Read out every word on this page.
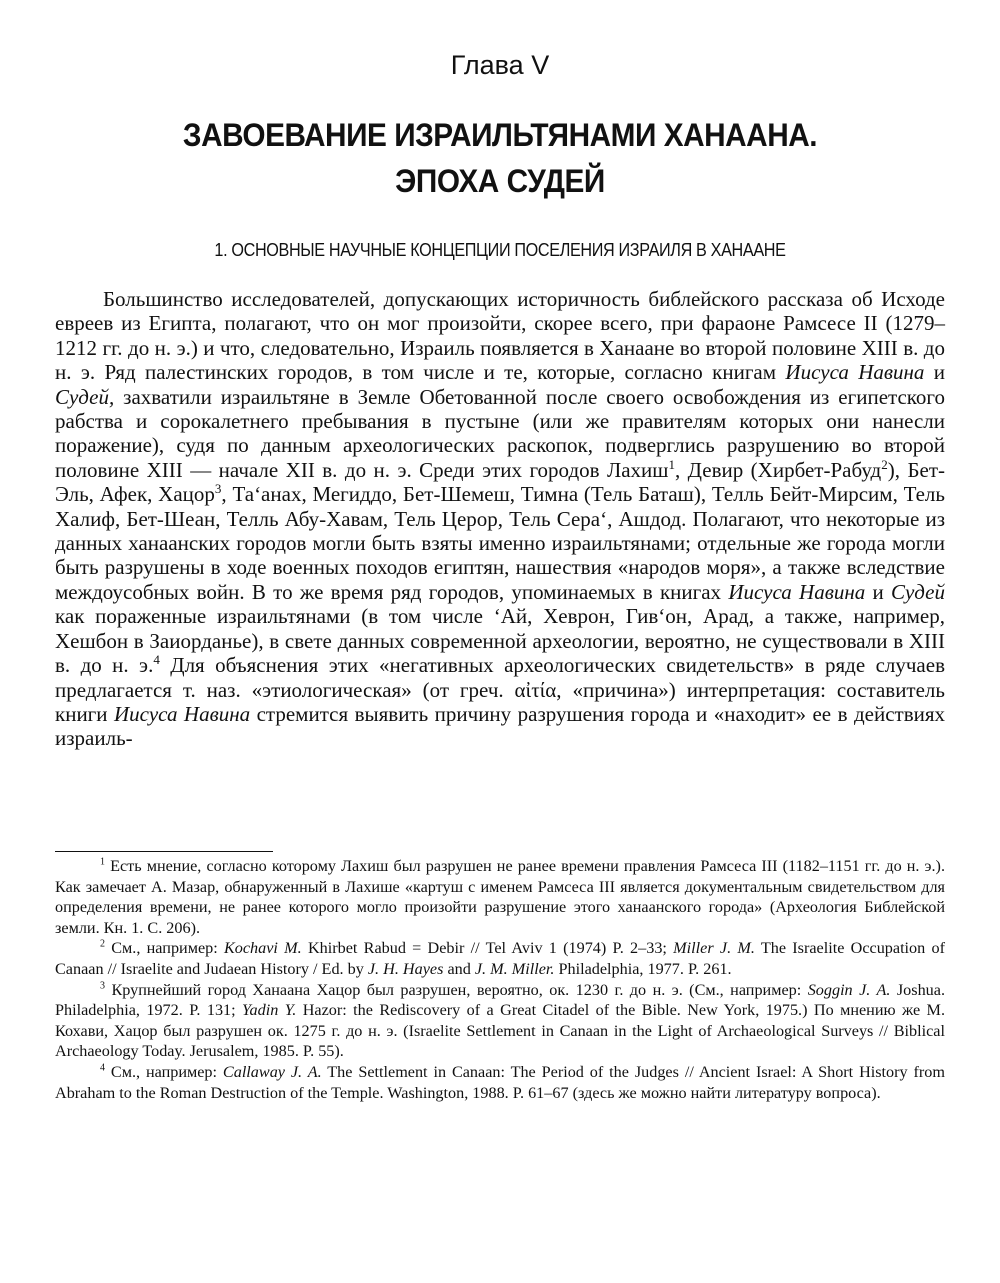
Глава V
ЗАВОЕВАНИЕ ИЗРАИЛЬТЯНАМИ ХАНААНА.
ЭПОХА СУДЕЙ
1. ОСНОВНЫЕ НАУЧНЫЕ КОНЦЕПЦИИ ПОСЕЛЕНИЯ ИЗРАИЛЯ В ХАНААНЕ

Большинство исследователей, допускающих историчность библейского рассказа об Исходе евреев из Египта, полагают, что он мог произойти, скорее всего, при фараоне Рамсесе II (1279–1212 гг. до н. э.) и что, следовательно, Израиль появляется в Ханаане во второй половине XIII в. до н. э. Ряд палестинских городов, в том числе и те, которые, согласно книгам Иисуса Навина и Судей, захватили израильтяне в Земле Обетованной после своего освобождения из египетского рабства и сорокалетнего пребывания в пустыне (или же правителям которых они нанесли поражение), судя по данным археологических раскопок, подверглись разрушению во второй половине XIII — начале XII в. до н. э. Среди этих городов Лахиш$^1$, Девир (Хирбет-Рабуд$^2$), Бет-Эль, Афек, Хацор$^3$, Та‘анах, Мегиддо, Бет-Шемеш, Тимна (Тель Баташ), Телль Бейт-Мирсим, Тель Халиф, Бет-Шеан, Телль Абу-Хавам, Тель Церор, Тель Сера‘, Ашдод. Полагают, что некоторые из данных ханаанских городов могли быть взяты именно израильтянами; отдельные же города могли быть разрушены в ходе военных походов египтян, нашествия «народов моря», а также вследствие междоусобных войн. В то же время ряд городов, упоминаемых в книгах Иисуса Навина и Судей как пораженные израильтянами (в том числе ‘Ай, Хеврон, Гив‘он, Арад, а также, например, Хешбон в Заиорданье), в свете данных современной археологии, вероятно, не существовали в XIII в. до н. э.$^4$ Для объяснения этих «негативных археологических свидетельств» в ряде случаев предлагается т. наз. «этиологическая» (от греч. αἰτία, «причина») интерпретация: составитель книги Иисуса Навина стремится выявить причину разрушения города и «находит» ее в действиях израиль-

$^1$ Есть мнение, согласно которому Лахиш был разрушен не ранее времени правления Рамсеса III (1182–1151 гг. до н. э.). Как замечает А. Мазар, обнаруженный в Лахише «картуш с именем Рамсеса III является документальным свидетельством для определения времени, не ранее которого могло произойти разрушение этого ханаанского города» (Археология Библейской земли. Кн. 1. С. 206).

$^2$ См., например: Kochavi M. Khirbet Rabud = Debir // Tel Aviv 1 (1974) P. 2–33; Miller J. M. The Israelite Occupation of Canaan // Israelite and Judaean History / Ed. by J. H. Hayes and J. M. Miller. Philadelphia, 1977. P. 261.

$^3$ Крупнейший город Ханаана Хацор был разрушен, вероятно, ок. 1230 г. до н. э. (См., например: Soggin J. A. Joshua. Philadelphia, 1972. P. 131; Yadin Y. Hazor: the Rediscovery of a Great Citadel of the Bible. New York, 1975.) По мнению же М. Кохави, Хацор был разрушен ок. 1275 г. до н. э. (Israelite Settlement in Canaan in the Light of Archaeological Surveys // Biblical Archaeology Today. Jerusalem, 1985. P. 55).

$^4$ См., например: Callaway J. A. The Settlement in Canaan: The Period of the Judges // Ancient Israel: A Short History from Abraham to the Roman Destruction of the Temple. Washington, 1988. P. 61–67 (здесь же можно найти литературу вопроса).
